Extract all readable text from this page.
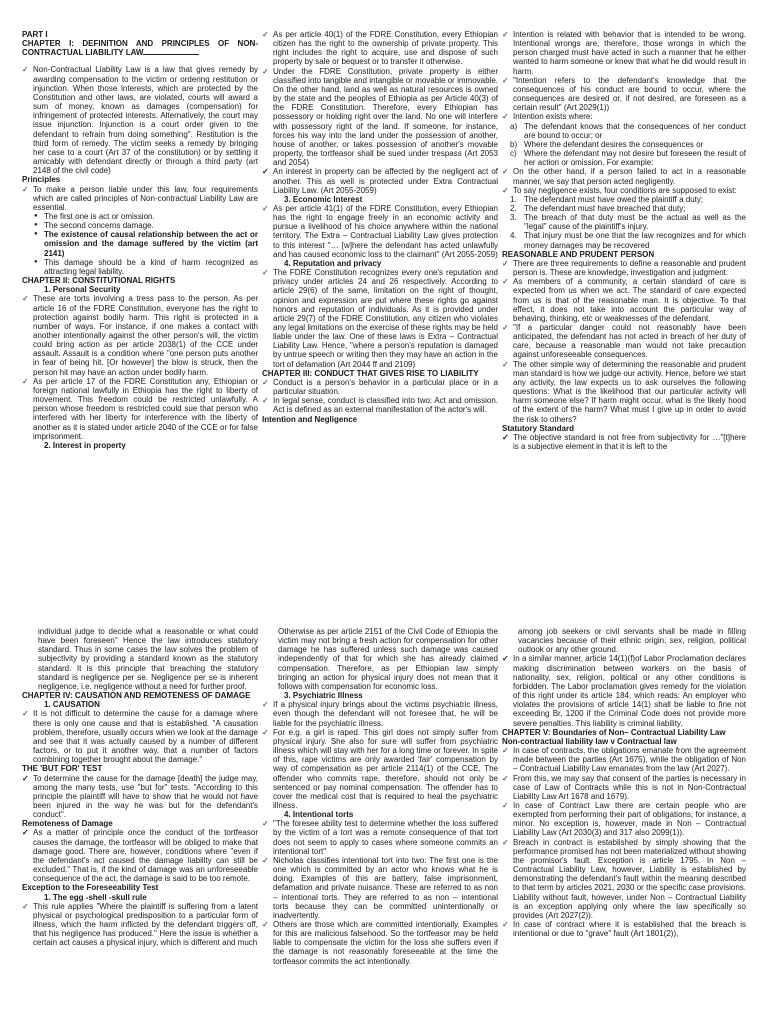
PART I

CHAPTER I: DEFINITION AND PRINCIPLES OF NON-CONTRACTUAL LIABILITY LAW

✓ Non-Contractual Liability Law is a law that gives remedy by awarding compensation to the victim or ordering restitution or injunction. When those interests, which are protected by the Constitution and other laws, are violated, courts will award a sum of money, known as damages (compensation) for infringement of protected interests. Alternatively, the court may issue injunction. Injunction is a court order given to the defendant to refrain from doing something". Restitution is the third form of remedy. The victim seeks a remedy by bringing her case to a court (Art 37 of the constitution) or by settling it amicably with defendant directly or through a third party (art 2148 of the civil code)

Principles

✓ To make a person liable under this law, four requirements which are called principles of Non-contractual Liability Law are essential.

● The first one is act or omission.

● The second concerns damage.

● The existence of causal relationship between the act or omission and the damage suffered by the victim (art 2141)

● This damage should be a kind of harm recognized as attracting legal liability.

CHAPTER II: CONSTITUTIONAL RIGHTS

1. Personal Security

✓ These are torts involving a tress pass to the person. As per article 16 of the FDRE Constitution, everyone has the right to protection against bodily harm. This right is protected in a number of ways. For instance, if one makes a contact with another intentionally against the other person's will, the victim could bring action as per article 2038(1) of the CCE under assault. Assault is a condition where "one person puts another in fear of being hit. [Or however] the blow is struck, then the person hit may have an action under bodily harm.

✓ As per article 17 of the FDRE Constitution any, Ethiopian or foreign national lawfully in Ethiopia has the right to liberty of movement. This freedom could be restricted unlawfully. A person whose freedom is restricted could sue that person who interfered with her liberty for interference with the liberty of another as it is stated under article 2040 of the CCE or for false imprisonment.

2. Interest in property

✓ As per article 40(1) of the FDRE Constitution, every Ethiopian citizen has the right to the ownership of private property. This right includes the right to acquire, use and dispose of such property by sale or bequest or to transfer it otherwise.

✓ Under the FDRE Constitution, private property is either classified into tangible and intangible or movable or immovable. On the other hand, land as well as natural resources is owned by the state and the peoples of Ethiopia as per Article 40(3) of the FDRE Constitution. Therefore, every Ethiopian has possessory or holding right over the land. No one will interfere with possessory right of the land. If someone, for instance, forces his way into the land under the possession of another, house of another, or takes possession of another's movable property, the tortfeasor shall be sued under trespass (Art 2053 and 2054)

✓ An interest in property can be affected by the negligent act of another. This as well is protected under Extra Contractual Liability Law. (Art 2055-2059)

3. Economic Interest

✓ As per article 41(1) of the FDRE Constitution, every Ethiopian has the right to engage freely in an economic activity and pursue a livelihood of his choice anywhere within the national territory. The Extra – Contractual Liability Law gives protection to this interest "… [w]here the defendant has acted unlawfully and has caused economic loss to the claimant" (Art 2055-2059)

4. Reputation and privacy

✓ The FDRE Constitution recognizes every one's reputation and privacy under articles 24 and 26 respectively. According to article 29(6) of the same, limitation on the right of thought, opinion and expression are put where these rights go against honors and reputation of individuals. As it is provided under article 29(7) of the FDRE Constitution, any citizen who violates any legal limitations on the exercise of these rights may be held liable under the law. One of these laws is Extra – Contractual Liability Law. Hence, "where a person's reputation is damaged by untrue speech or writing then they may have an action in the tort of defamation (Art 2044 ff and 2109)

CHAPTER III: CONDUCT THAT GIVES RISE TO LIABILITY

✓ Conduct is a person's behavior in a particular place or in a particular situation.

✓ In legal sense, conduct is classified into two: Act and omission. Act is defined as an external manifestation of the actor's will.

Intention and Negligence

✓ Intention is related with behavior that is intended to be wrong. Intentional wrongs are, therefore, those wrongs in which the person charged must have acted in such a manner that he either wanted to harm someone or knew that what he did would result in harm.

✓ "Intention refers to the defendant's knowledge that the consequences of his conduct are bound to occur, where the consequences are desired or, if not desired, are foreseen as a certain result" (Art 2029(1))

✓ Intention exists where:

a) The defendant knows that the consequences of her conduct are bound to occur; or

b) Where the defendant desires the consequences or

c) Where the defendant may not desire but foreseen the result of her action or omission. For example:

✓ On the other hand, if a person failed to act in a reasonable manner, we say that person acted negligently.

✓ To say negligence exists, four conditions are supposed to exist:

1. The defendant must have owed the plaintiff a duty;

2. The defendant must have breached that duty;

3. The breach of that duty must be the actual as well as the "legal" cause of the plaintiff's injury.

4. That injury must be one that the law recognizes and for which money damages may be recovered

REASONABLE AND PRUDENT PERSON

✓ There are three requirements to define a reasonable and prudent person is. These are knowledge, investigation and judgment.

✓ As members of a community, a certain standard of care is expected from us when we act. The standard of care expected from us is that of the reasonable man. It is objective. To that effect, it does not take into account the particular way of behaving, thinking, etc or weaknesses of the defendant.

✓ "If a particular danger could not reasonably have been anticipated, the defendant has not acted in breach of her duty of care, because a reasonable man would not take precaution against unforeseeable consequences.

✓ The other simple way of determining the reasonable and prudent man standard is how we judge our activity. Hence, before we start any activity, the law expects us to ask ourselves the following questions: What is the likelihood that our particular activity will harm someone else? If harm might occur, what is the likely hood of the extent of the harm? What must I give up in order to avoid the risk to others?

Statutory Standard

✓ The objective standard is not free from subjectivity for …"[t]here is a subjective element in that it is left to the

individual judge to decide what a reasonable or what could have been foreseen" Hence the law introduces statutory standard. Thus in some cases the law solves the problem of subjectivity by providing a standard known as the statutory standard. It is this principle that breaching the statutory standard is negligence per se. Negligence per se is inherent negligence, i.e. negligence without a need for further proof.

CHAPTER IV: CAUSATION AND REMOTENESS OF DAMAGE

1. CAUSATION

✓ It is not difficult to determine the cause for a damage where there is only one cause and that is established. "A causation problem, therefore, usually occurs when we look at the damage and see that it was actually caused by a number of different factors, or to put it another way, that a number of factors combining together brought about the damage."

THE 'BUT FOR' TEST

✓ To determine the cause for the damage [death] the judge may, among the many tests, use "but for" tests. "According to this principle the plaintiff will have to show that he would not have been injured in the way he was but for the defendant's conduct".

Remoteness of Damage

✓ As a matter of principle once the conduct of the tortfeasor causes the damage, the tortfeasor will be obliged to make that damage good. There are, however, conditions where "even if the defendant's act caused the damage liability can still be excluded." That is, if the kind of damage was an unforeseeable consequence of the act, the damage is said to be too remote.

Exception to the Foreseeability Test

1. The egg -shell -skull rule

✓ This rule applies "Where the plaintiff is suffering from a latent physical or psychological predisposition to a particular form of illness, which the harm inflicted by the defendant triggers off, that his negligence has produced." Here the issue is whether a certain act causes a physical injury, which is different and much

Otherwise as per article 2151 of the Civil Code of Ethiopia the victim may not bring a fresh action for compensation for other damage he has suffered unless such damage was caused independently of that for which she has already claimed compensation. Therefore, as per Ethiopian law simply bringing an action for physical injury does not mean that it follows with compensation for economic loss.

3. Psychiatric Illness

✓ If a physical injury brings about the victims psychiatric illness, even though the defendant will not foresee that, he will be liable for the psychiatric illness.

✓ For e.g. a girl is raped. This girl does not simply suffer from physical injury. She also for sure will suffer from psychiatric illness which will stay with her for a long time or forever. In spite of this, rape victims are only awarded 'fair' compensation by way of compensation as per article 2114(1) of the CCE. The offender who commits rape, therefore, should not only be sentenced or pay nominal compensation. The offender has to cover the medical cost that is required to heal the psychiatric illness.

4. Intentional torts

✓ "The foresee ability test to determine whether the loss suffered by the victim of a tort was a remote consequence of that tort does not seem to apply to cases where someone commits an intentional tort"

✓ Nicholas classifies intentional tort into two: The first one is the one which is committed by an actor who knows what he is doing. Examples of this are battery, false imprisonment, defamation and private nuisance. These are referred to as non – intentional torts. They are referred to as non – intentional torts because they can be committed unintentionally or inadvertently.

✓ Others are those which are committed intentionally. Examples for this are malicious falsehood. So the tortfeasor may be held liable to compensate the victim for the loss she suffers even if the damage is not reasonably foreseeable at the time the tortfeasor commits the act intentionally.

among job seekers or civil servants shall be made in filling vacancies because of their ethnic origin, sex, religion, political outlook or any other ground.

✓ In a similar manner, article 14(1)(f)of Labor Proclamation declares making discrimination between workers on the basis of nationality, sex, religion, political or any other conditions is forbidden. The Labor proclamation gives remedy for the violation of this right under its article 184, which reads: An employer who violates the provisions of article 14(1) shall be liable to fine not exceeding Br, 1200 if the Criminal Code does not provide more severe penalties. This liability is criminal liability.

CHAPTER V: Boundaries of Non– Contractual Liability Law

Non-contractual liability law v Contractual law

✓ In case of contracts, the obligations emanate from the agreement made between the parties (Art 1675), while the obligation of Non – Contractual Liability Law emanates from the law (Art 2027).

✓ From this, we may say that consent of the parties is necessary in case of Law of Contracts while this is not in Non-Contractual Liability Law Art 1678 and 1679).

✓ In case of Contract Law there are certain people who are exempted from performing their part of obligations, for instance, a minor. No exception is, however, made in Non – Contractual Liability Law (Art 2030(3) and 317 also 2099(1)).

✓ Breach in contract is established by simply showing that the performance promised has not been materialized without showing the promisor's fault. Exception is article 1795. In Non – Contractual Liability Law, however, Liability is established by demonstrating the defendant's fault within the meaning described to that term by articles 2021, 2030 or the specific case provisions. Liability without fault, however, under Non – Contractual Liability is an exception applying only where the law specifically so provides (Art 2027(2)).

✓ In case of contract where it is established that the breach is intentional or due to "grave" fault (Art 1801(2)),
